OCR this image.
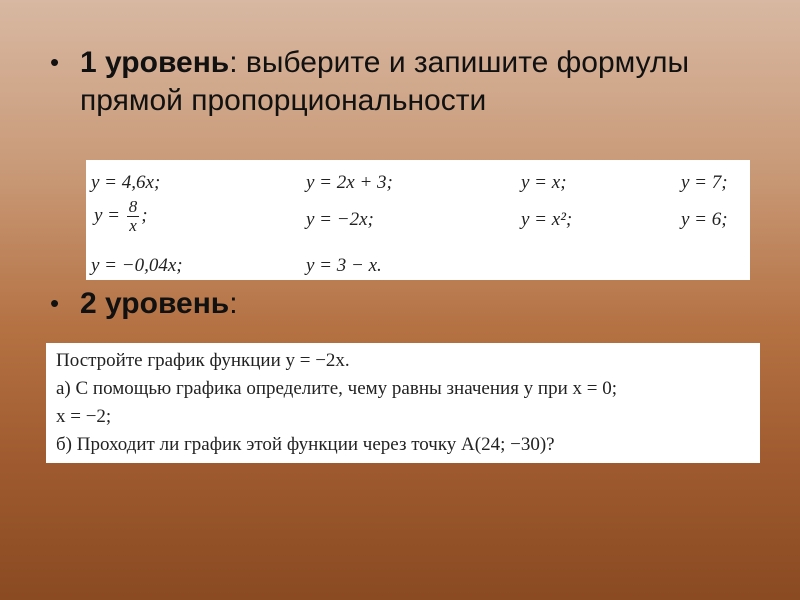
• 1 уровень: выберите и запишите формулы прямой пропорциональности
y = 4,6x;	y = 2x + 3;	y = x;	y = 7;
$y = \frac{8}{x}$ ;	y = −2x;	y = x²;	y = 6;
y = −0,04x;	y = 3 − x.
• 2 уровень:
Постройте график функции y = −2x.
а) С помощью графика определите, чему равны значения y при x = 0;
x = −2;
б) Проходит ли график этой функции через точку A(24; −30)?
